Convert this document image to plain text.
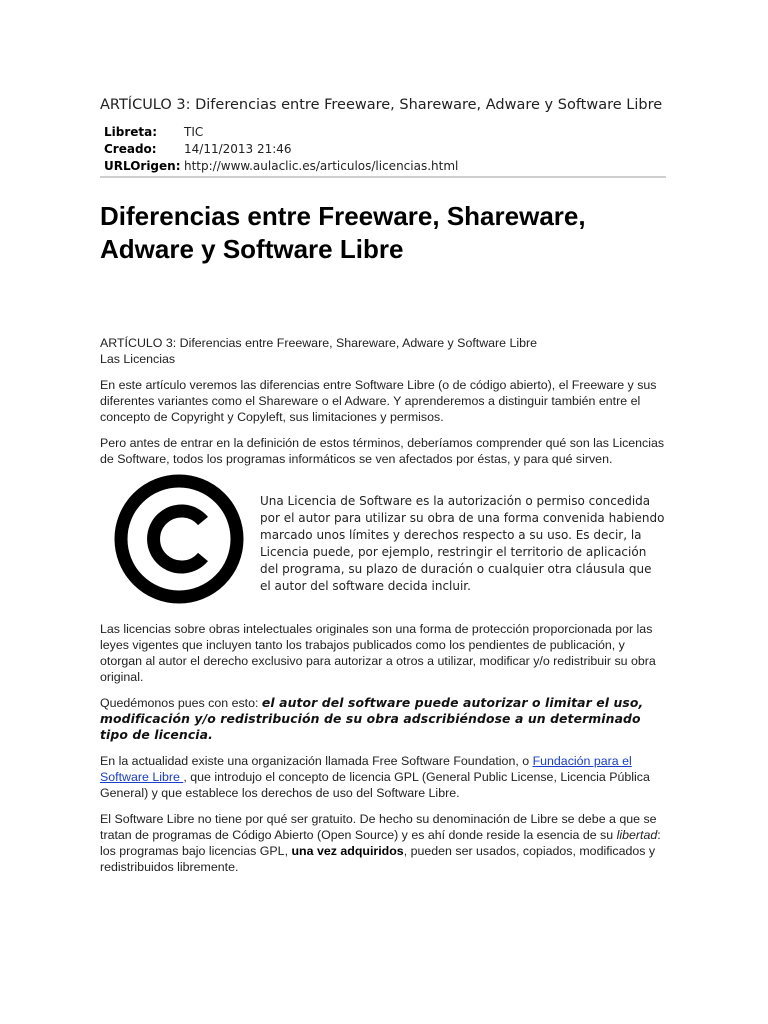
ARTÍCULO 3: Diferencias entre Freeware, Shareware, Adware y Software Libre
Libreta:	TIC
Creado:	14/11/2013 21:46
URLOrigen: http://www.aulaclic.es/articulos/licencias.html
Diferencias entre Freeware, Shareware, Adware y Software Libre

ARTÍCULO 3: Diferencias entre Freeware, Shareware, Adware y Software Libre
Las Licencias

En este artículo veremos las diferencias entre Software Libre (o de código abierto), el Freeware y sus diferentes variantes como el Shareware o el Adware. Y aprenderemos a distinguir también entre el concepto de Copyright y Copyleft, sus limitaciones y permisos.

Pero antes de entrar en la definición de estos términos, deberíamos comprender qué son las Licencias de Software, todos los programas informáticos se ven afectados por éstas, y para qué sirven.

Una Licencia de Software es la autorización o permiso concedida por el autor para utilizar su obra de una forma convenida habiendo marcado unos límites y derechos respecto a su uso. Es decir, la Licencia puede, por ejemplo, restringir el territorio de aplicación del programa, su plazo de duración o cualquier otra cláusula que el autor del software decida incluir.

Las licencias sobre obras intelectuales originales son una forma de protección proporcionada por las leyes vigentes que incluyen tanto los trabajos publicados como los pendientes de publicación, y otorgan al autor el derecho exclusivo para autorizar a otros a utilizar, modificar y/o redistribuir su obra original.

Quedémonos pues con esto: el autor del software puede autorizar o limitar el uso, modificación y/o redistribución de su obra adscribiéndose a un determinado tipo de licencia.

En la actualidad existe una organización llamada Free Software Foundation, o Fundación para el Software Libre , que introdujo el concepto de licencia GPL (General Public License, Licencia Pública General) y que establece los derechos de uso del Software Libre.

El Software Libre no tiene por qué ser gratuito. De hecho su denominación de Libre se debe a que se tratan de programas de Código Abierto (Open Source) y es ahí donde reside la esencia de su libertad: los programas bajo licencias GPL, una vez adquiridos, pueden ser usados, copiados, modificados y redistribuidos libremente.
